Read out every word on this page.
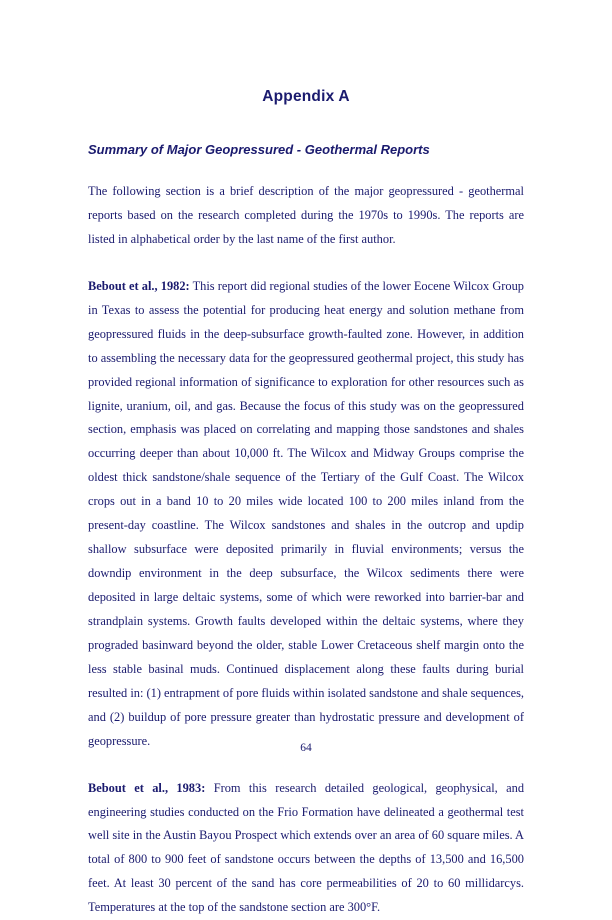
Appendix A
Summary of Major Geopressured - Geothermal Reports

The following section is a brief description of the major geopressured - geothermal reports based on the research completed during the 1970s to 1990s. The reports are listed in alphabetical order by the last name of the first author.

Bebout et al., 1982: This report did regional studies of the lower Eocene Wilcox Group in Texas to assess the potential for producing heat energy and solution methane from geopressured fluids in the deep-subsurface growth-faulted zone. However, in addition to assembling the necessary data for the geopressured geothermal project, this study has provided regional information of significance to exploration for other resources such as lignite, uranium, oil, and gas. Because the focus of this study was on the geopressured section, emphasis was placed on correlating and mapping those sandstones and shales occurring deeper than about 10,000 ft. The Wilcox and Midway Groups comprise the oldest thick sandstone/shale sequence of the Tertiary of the Gulf Coast. The Wilcox crops out in a band 10 to 20 miles wide located 100 to 200 miles inland from the present-day coastline. The Wilcox sandstones and shales in the outcrop and updip shallow subsurface were deposited primarily in fluvial environments; versus the downdip environment in the deep subsurface, the Wilcox sediments there were deposited in large deltaic systems, some of which were reworked into barrier-bar and strandplain systems. Growth faults developed within the deltaic systems, where they prograded basinward beyond the older, stable Lower Cretaceous shelf margin onto the less stable basinal muds. Continued displacement along these faults during burial resulted in: (1) entrapment of pore fluids within isolated sandstone and shale sequences, and (2) buildup of pore pressure greater than hydrostatic pressure and development of geopressure.

Bebout et al., 1983: From this research detailed geological, geophysical, and engineering studies conducted on the Frio Formation have delineated a geothermal test well site in the Austin Bayou Prospect which extends over an area of 60 square miles. A total of 800 to 900 feet of sandstone occurs between the depths of 13,500 and 16,500 feet. At least 30 percent of the sand has core permeabilities of 20 to 60 millidarcys. Temperatures at the top of the sandstone section are 300°F.

64
